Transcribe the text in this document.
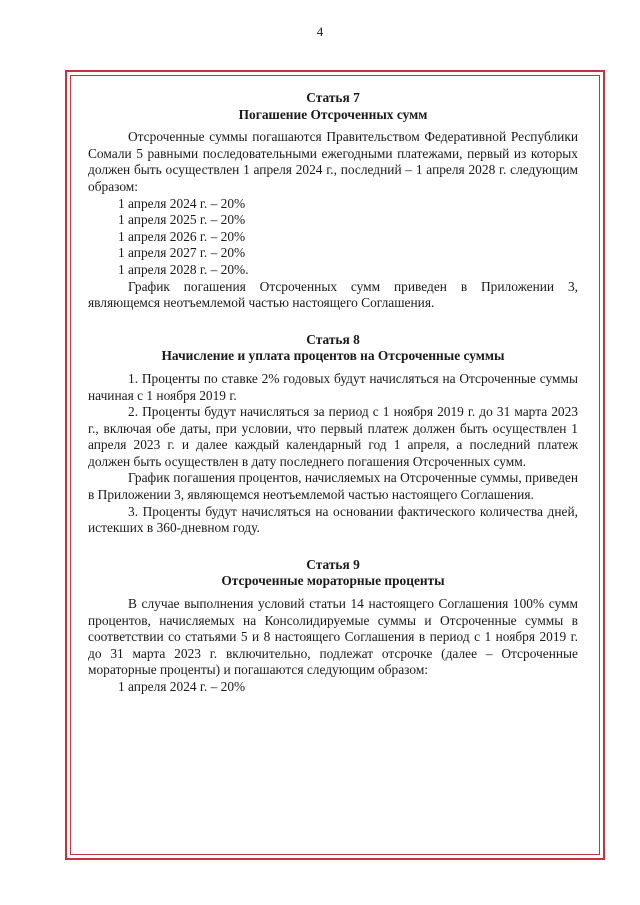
4

Статья 7

Погашение Отсроченных сумм

Отсроченные суммы погашаются Правительством Федеративной Республики Сомали 5 равными последовательными ежегодными платежами, первый из которых должен быть осуществлен 1 апреля 2024 г., последний – 1 апреля 2028 г. следующим образом:

1 апреля 2024 г. – 20%

1 апреля 2025 г. – 20%

1 апреля 2026 г. – 20%

1 апреля 2027 г. – 20%

1 апреля 2028 г. – 20%.

График погашения Отсроченных сумм приведен в Приложении 3, являющемся неотъемлемой частью настоящего Соглашения.

Статья 8

Начисление и уплата процентов на Отсроченные суммы

1. Проценты по ставке 2% годовых будут начисляться на Отсроченные суммы начиная с 1 ноября 2019 г.

2. Проценты будут начисляться за период с 1 ноября 2019 г. до 31 марта 2023 г., включая обе даты, при условии, что первый платеж должен быть осуществлен 1 апреля 2023 г. и далее каждый календарный год 1 апреля, а последний платеж должен быть осуществлен в дату последнего погашения Отсроченных сумм.

График погашения процентов, начисляемых на Отсроченные суммы, приведен в Приложении 3, являющемся неотъемлемой частью настоящего Соглашения.

3. Проценты будут начисляться на основании фактического количества дней, истекших в 360-дневном году.

Статья 9

Отсроченные мораторные проценты

В случае выполнения условий статьи 14 настоящего Соглашения 100% сумм процентов, начисляемых на Консолидируемые суммы и Отсроченные суммы в соответствии со статьями 5 и 8 настоящего Соглашения в период с 1 ноября 2019 г. до 31 марта 2023 г. включительно, подлежат отсрочке (далее – Отсроченные мораторные проценты) и погашаются следующим образом:

1 апреля 2024 г. – 20%
